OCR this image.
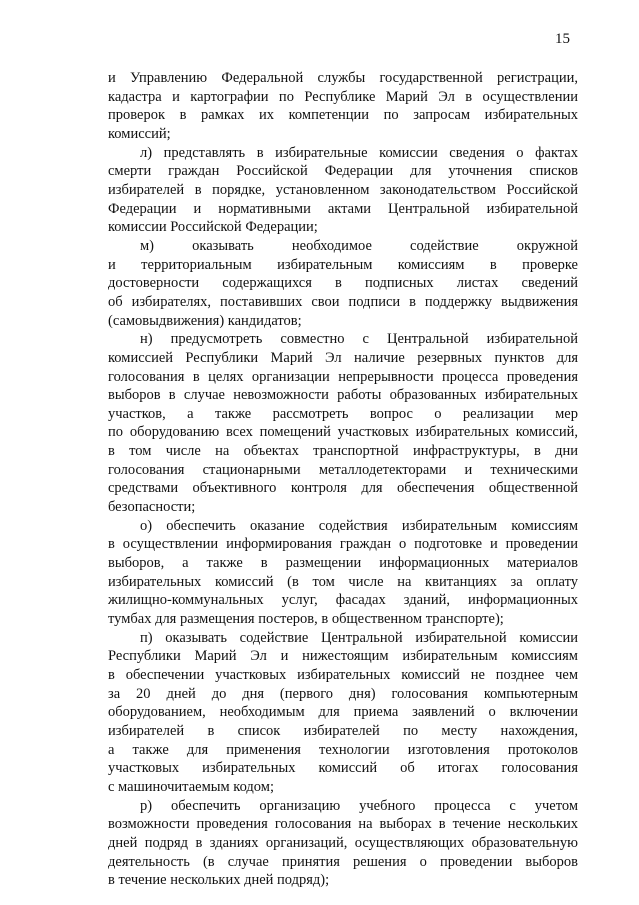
15
и Управлению Федеральной службы государственной регистрации,
кадастра и картографии по Республике Марий Эл в осуществлении
проверок в рамках их компетенции по запросам избирательных
комиссий;
л) представлять в избирательные комиссии сведения о фактах
смерти граждан Российской Федерации для уточнения списков
избирателей в порядке, установленном законодательством Российской
Федерации и нормативными актами Центральной избирательной
комиссии Российской Федерации;
м) оказывать необходимое содействие окружной
и территориальным избирательным комиссиям в проверке
достоверности содержащихся в подписных листах сведений
об избирателях, поставивших свои подписи в поддержку выдвижения
(самовыдвижения) кандидатов;
н) предусмотреть совместно с Центральной избирательной
комиссией Республики Марий Эл наличие резервных пунктов для
голосования в целях организации непрерывности процесса проведения
выборов в случае невозможности работы образованных избирательных
участков, а также рассмотреть вопрос о реализации мер
по оборудованию всех помещений участковых избирательных комиссий,
в том числе на объектах транспортной инфраструктуры, в дни
голосования стационарными металлодетекторами и техническими
средствами объективного контроля для обеспечения общественной
безопасности;
о) обеспечить оказание содействия избирательным комиссиям
в осуществлении информирования граждан о подготовке и проведении
выборов, а также в размещении информационных материалов
избирательных комиссий (в том числе на квитанциях за оплату
жилищно-коммунальных услуг, фасадах зданий, информационных
тумбах для размещения постеров, в общественном транспорте);
п) оказывать содействие Центральной избирательной комиссии
Республики Марий Эл и нижестоящим избирательным комиссиям
в обеспечении участковых избирательных комиссий не позднее чем
за 20 дней до дня (первого дня) голосования компьютерным
оборудованием, необходимым для приема заявлений о включении
избирателей в список избирателей по месту нахождения,
а также для применения технологии изготовления протоколов
участковых избирательных комиссий об итогах голосования
с машиночитаемым кодом;
р) обеспечить организацию учебного процесса с учетом
возможности проведения голосования на выборах в течение нескольких
дней подряд в зданиях организаций, осуществляющих образовательную
деятельность (в случае принятия решения о проведении выборов
в течение нескольких дней подряд);
